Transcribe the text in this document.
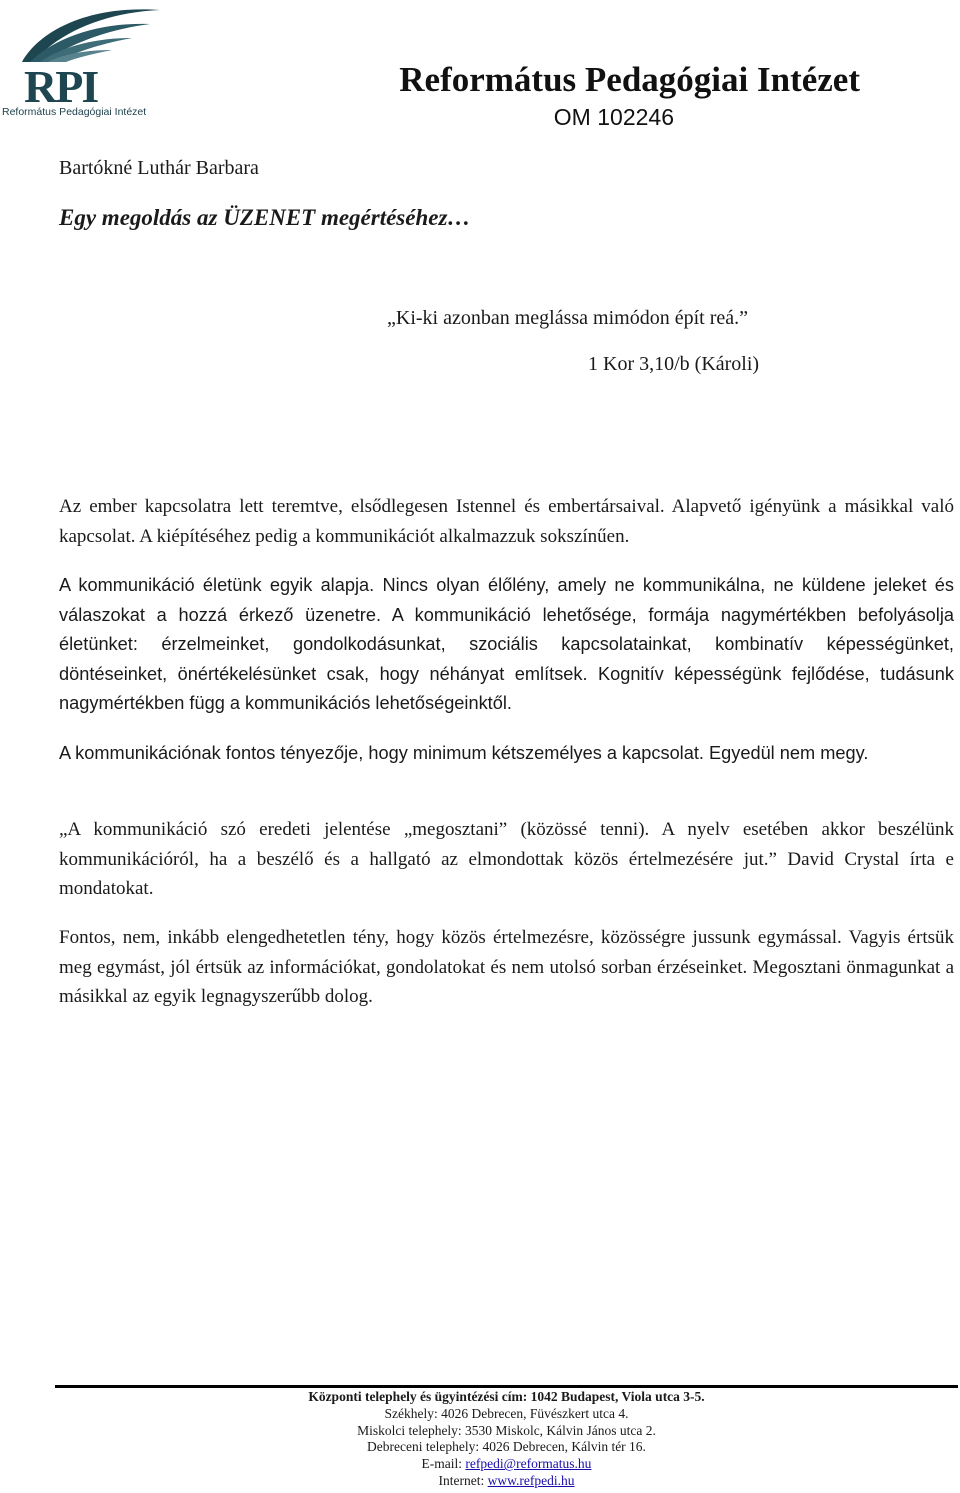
RPI
Református Pedagógiai Intézet
Református Pedagógiai Intézet
OM 102246
Bartókné Luthár Barbara
Egy megoldás az ÜZENET megértéséhez…
„Ki-ki azonban meglássa mimódon épít reá.”
1 Kor 3,10/b (Károli)

Az ember kapcsolatra lett teremtve, elsődlegesen Istennel és embertársaival. Alapvető igényünk a másikkal való kapcsolat. A kiépítéséhez pedig a kommunikációt alkalmazzuk sokszínűen.

A kommunikáció életünk egyik alapja. Nincs olyan élőlény, amely ne kommunikálna, ne küldene jeleket és válaszokat a hozzá érkező üzenetre. A kommunikáció lehetősége, formája nagymértékben befolyásolja életünket: érzelmeinket, gondolkodásunkat, szociális kapcsolatainkat, kombinatív képességünket, döntéseinket, önértékelésünket csak, hogy néhányat említsek. Kognitív képességünk fejlődése, tudásunk nagymértékben függ a kommunikációs lehetőségeinktől.

A kommunikációnak fontos tényezője, hogy minimum kétszemélyes a kapcsolat. Egyedül nem megy.

„A kommunikáció szó eredeti jelentése „megosztani” (közössé tenni). A nyelv esetében akkor beszélünk kommunikációról, ha a beszélő és a hallgató az elmondottak közös értelmezésére jut.” David Crystal írta e mondatokat.

Fontos, nem, inkább elengedhetetlen tény, hogy közös értelmezésre, közösségre jussunk egymással. Vagyis értsük meg egymást, jól értsük az információkat, gondolatokat és nem utolsó sorban érzéseinket. Megosztani önmagunkat a másikkal az egyik legnagyszerűbb dolog.

Központi telephely és ügyintézési cím: 1042 Budapest, Viola utca 3-5.
Székhely: 4026 Debrecen, Füvészkert utca 4.
Miskolci telephely: 3530 Miskolc, Kálvin János utca 2.
Debreceni telephely: 4026 Debrecen, Kálvin tér 16.
E-mail: refpedi@reformatus.hu
Internet: www.refpedi.hu
